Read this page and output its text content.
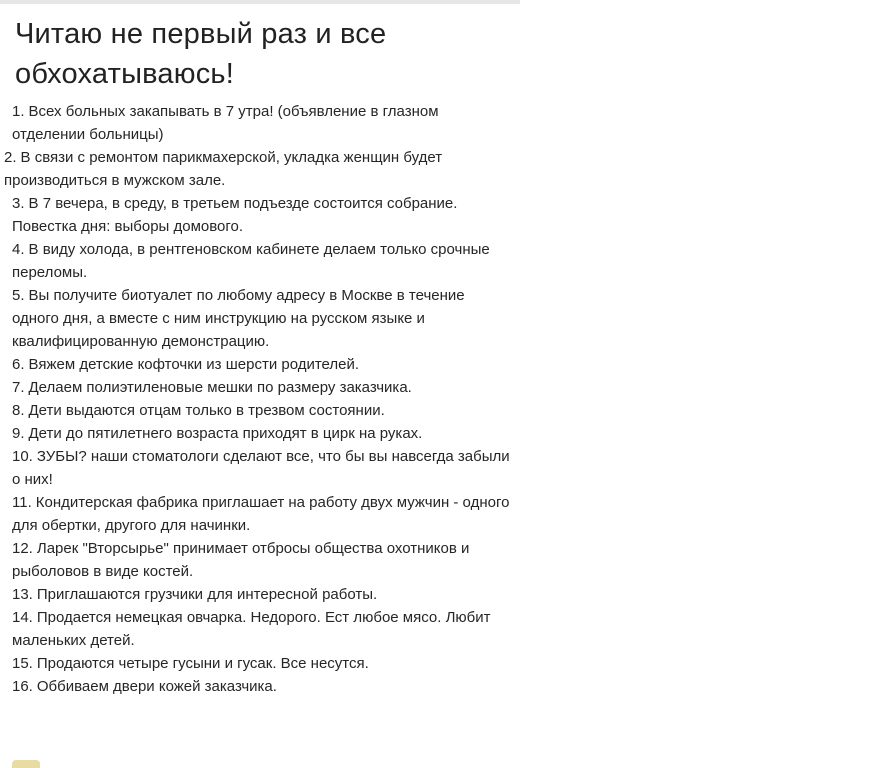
Читаю не первый раз и все
обхохатываюсь!

1. Всех больных закапывать в 7 утра! (объявление в глазном отделении больницы)

2. В связи с ремонтом парикмахерской, укладка женщин будет производиться в мужском зале.

3. В 7 вечера, в среду, в третьем подъезде состоится собрание. Повестка дня: выборы домового.

4. В виду холода, в рентгеновском кабинете делаем только срочные переломы.

5. Вы получите биотуалет по любому адресу в Москве в течение одного дня, а вместе с ним инструкцию на русском языке и квалифицированную демонстрацию.

6. Вяжем детские кофточки из шерсти родителей.

7. Делаем полиэтиленовые мешки по размеру заказчика.

8. Дети выдаются отцам только в трезвом состоянии.

9. Дети до пятилетнего возраста приходят в цирк на руках.

10. ЗУБЫ? наши стоматологи сделают все, что бы вы навсегда забыли о них!

11. Кондитерская фабрика приглашает на работу двух мужчин - одного для обертки, другого для начинки.

12. Ларек "Вторсырье" принимает отбросы общества охотников и рыболовов в виде костей.

13. Приглашаются грузчики для интересной работы.

14. Продается немецкая овчарка. Недорого. Ест любое мясо. Любит маленьких детей.

15. Продаются четыре гусыни и гусак. Все несутся.

16. Оббиваем двери кожей заказчика.
